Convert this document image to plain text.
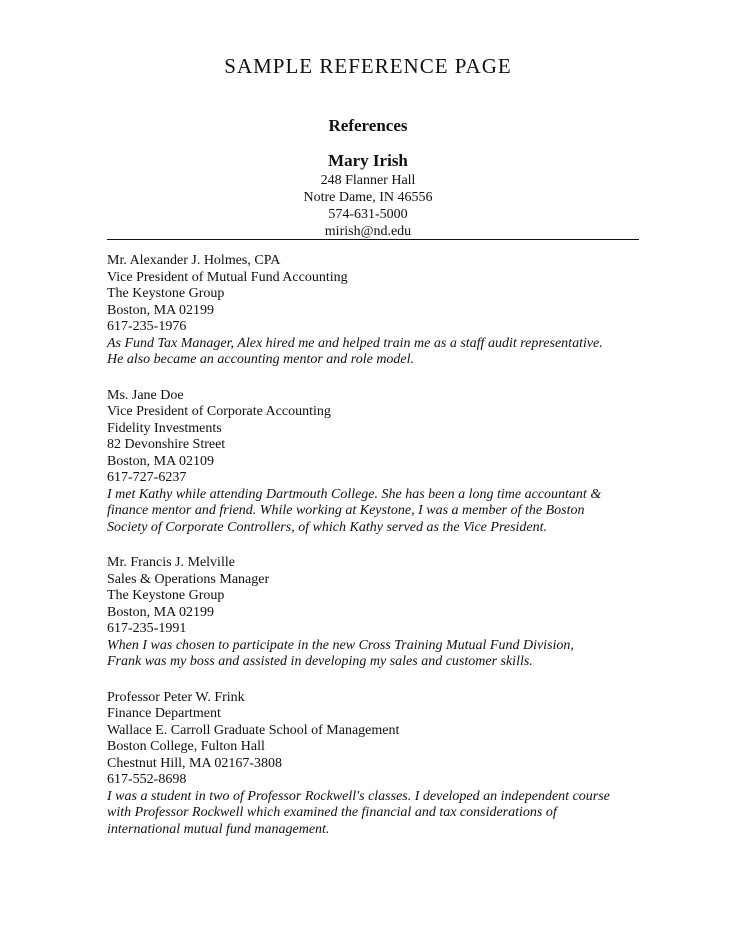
SAMPLE REFERENCE PAGE
References
Mary Irish
248 Flanner Hall
Notre Dame, IN 46556
574-631-5000
mirish@nd.edu
Mr. Alexander J. Holmes, CPA
Vice President of Mutual Fund Accounting
The Keystone Group
Boston, MA 02199
617-235-1976
As Fund Tax Manager, Alex hired me and helped train me as a staff audit representative.
He also became an accounting mentor and role model.
Ms. Jane Doe
Vice President of Corporate Accounting
Fidelity Investments
82 Devonshire Street
Boston, MA 02109
617-727-6237
I met Kathy while attending Dartmouth College. She has been a long time accountant &
finance mentor and friend. While working at Keystone, I was a member of the Boston
Society of Corporate Controllers, of which Kathy served as the Vice President.
Mr. Francis J. Melville
Sales & Operations Manager
The Keystone Group
Boston, MA 02199
617-235-1991
When I was chosen to participate in the new Cross Training Mutual Fund Division,
Frank was my boss and assisted in developing my sales and customer skills.
Professor Peter W. Frink
Finance Department
Wallace E. Carroll Graduate School of Management
Boston College, Fulton Hall
Chestnut Hill, MA 02167-3808
617-552-8698
I was a student in two of Professor Rockwell's classes. I developed an independent course
with Professor Rockwell which examined the financial and tax considerations of
international mutual fund management.
